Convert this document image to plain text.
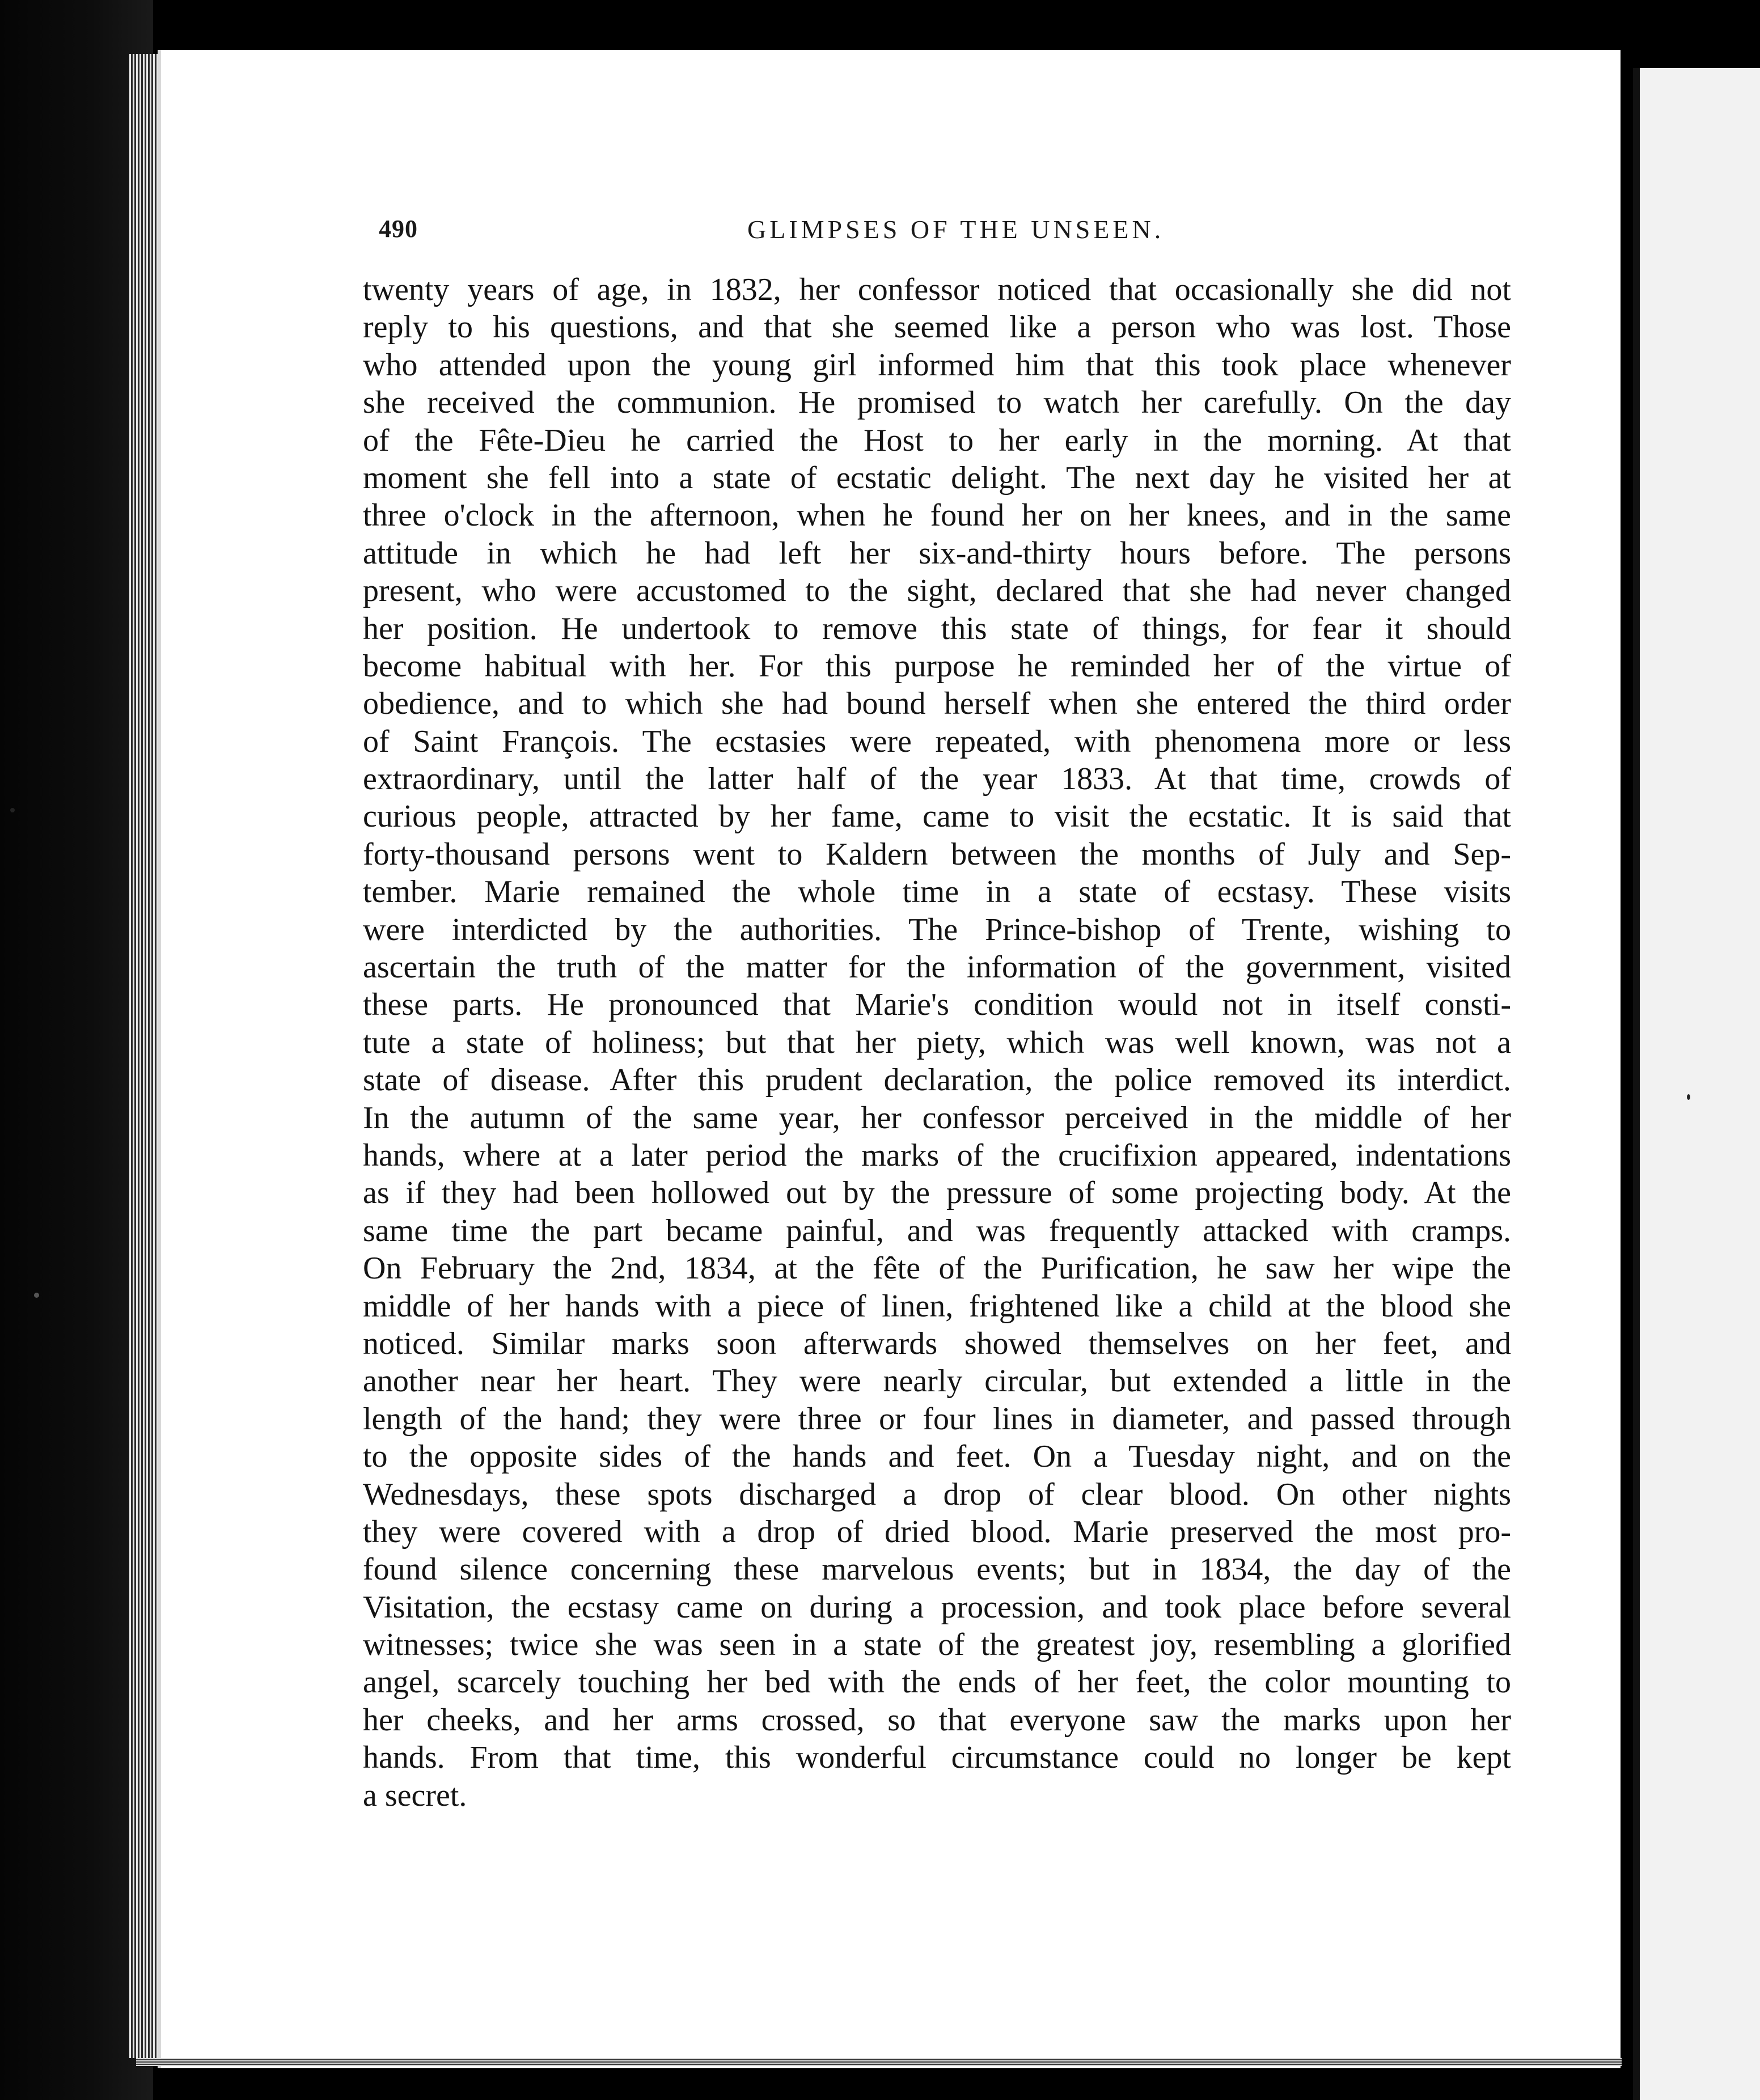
490	GLIMPSES OF THE UNSEEN.
twenty years of age, in 1832, her confessor noticed that occasionally she did not
reply to his questions, and that she seemed like a person who was lost. Those
who attended upon the young girl informed him that this took place whenever
she received the communion. He promised to watch her carefully. On the day
of the Fête-Dieu he carried the Host to her early in the morning. At that
moment she fell into a state of ecstatic delight. The next day he visited her at
three o'clock in the afternoon, when he found her on her knees, and in the same
attitude in which he had left her six-and-thirty hours before. The persons
present, who were accustomed to the sight, declared that she had never changed
her position. He undertook to remove this state of things, for fear it should
become habitual with her. For this purpose he reminded her of the virtue of
obedience, and to which she had bound herself when she entered the third order
of Saint François. The ecstasies were repeated, with phenomena more or less
extraordinary, until the latter half of the year 1833. At that time, crowds of
curious people, attracted by her fame, came to visit the ecstatic. It is said that
forty-thousand persons went to Kaldern between the months of July and Sep-
tember. Marie remained the whole time in a state of ecstasy. These visits
were interdicted by the authorities. The Prince-bishop of Trente, wishing to
ascertain the truth of the matter for the information of the government, visited
these parts. He pronounced that Marie's condition would not in itself consti-
tute a state of holiness; but that her piety, which was well known, was not a
state of disease. After this prudent declaration, the police removed its interdict.
In the autumn of the same year, her confessor perceived in the middle of her
hands, where at a later period the marks of the crucifixion appeared, indentations
as if they had been hollowed out by the pressure of some projecting body. At the
same time the part became painful, and was frequently attacked with cramps.
On February the 2nd, 1834, at the fête of the Purification, he saw her wipe the
middle of her hands with a piece of linen, frightened like a child at the blood she
noticed. Similar marks soon afterwards showed themselves on her feet, and
another near her heart. They were nearly circular, but extended a little in the
length of the hand; they were three or four lines in diameter, and passed through
to the opposite sides of the hands and feet. On a Tuesday night, and on the
Wednesdays, these spots discharged a drop of clear blood. On other nights
they were covered with a drop of dried blood. Marie preserved the most pro-
found silence concerning these marvelous events; but in 1834, the day of the
Visitation, the ecstasy came on during a procession, and took place before several
witnesses; twice she was seen in a state of the greatest joy, resembling a glorified
angel, scarcely touching her bed with the ends of her feet, the color mounting to
her cheeks, and her arms crossed, so that everyone saw the marks upon her
hands. From that time, this wonderful circumstance could no longer be kept
a secret.
